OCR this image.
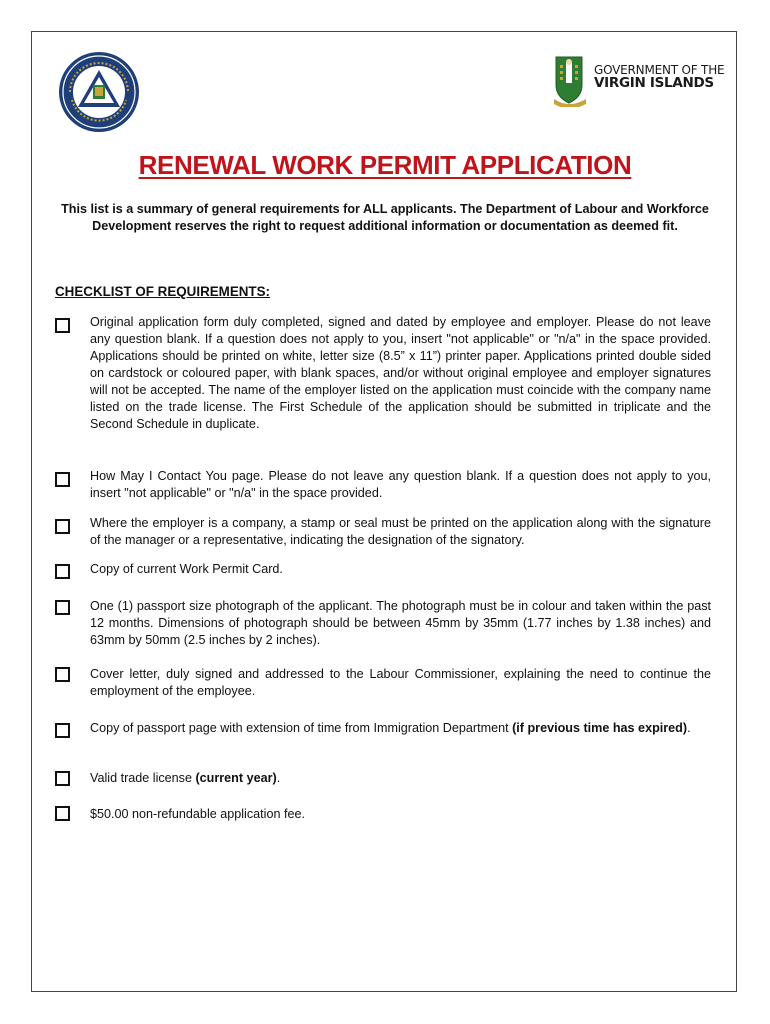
GOVERNMENT OF THE
VIRGIN ISLANDS
RENEWAL WORK PERMIT APPLICATION

This list is a summary of general requirements for ALL applicants. The Department of Labour and Workforce Development reserves the right to request additional information or documentation as deemed fit.

CHECKLIST OF REQUIREMENTS:

Original application form duly completed, signed and dated by employee and employer. Please do not leave any question blank. If a question does not apply to you, insert "not applicable" or "n/a" in the space provided. Applications should be printed on white, letter size (8.5” x 11”) printer paper. Applications printed double sided on cardstock or coloured paper, with blank spaces, and/or without original employee and employer signatures will not be accepted. The name of the employer listed on the application must coincide with the company name listed on the trade license. The First Schedule of the application should be submitted in triplicate and the Second Schedule in duplicate.

How May I Contact You page. Please do not leave any question blank. If a question does not apply to you, insert "not applicable" or "n/a" in the space provided.

Where the employer is a company, a stamp or seal must be printed on the application along with the signature of the manager or a representative, indicating the designation of the signatory.

Copy of current Work Permit Card.

One (1) passport size photograph of the applicant. The photograph must be in colour and taken within the past 12 months. Dimensions of photograph should be between 45mm by 35mm (1.77 inches by 1.38 inches) and 63mm by 50mm (2.5 inches by 2 inches).

Cover letter, duly signed and addressed to the Labour Commissioner, explaining the need to continue the employment of the employee.

Copy of passport page with extension of time from Immigration Department (if previous time has expired).

Valid trade license (current year).

$50.00 non-refundable application fee.
